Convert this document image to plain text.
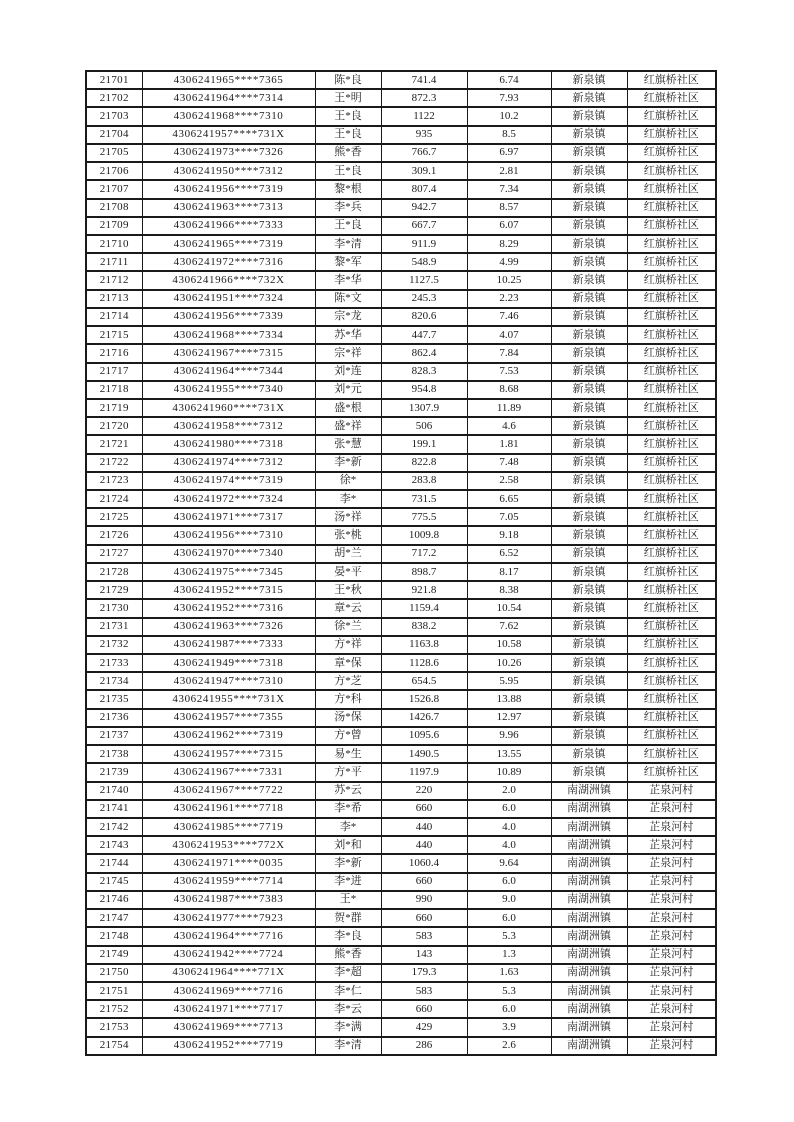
21701	4306241965****7365	陈*良	741.4	6.74	新泉镇	红旗桥社区
21702	4306241964****7314	王*明	872.3	7.93	新泉镇	红旗桥社区
21703	4306241968****7310	王*良	1122	10.2	新泉镇	红旗桥社区
21704	4306241957****731X	王*良	935	8.5	新泉镇	红旗桥社区
21705	4306241973****7326	熊*香	766.7	6.97	新泉镇	红旗桥社区
21706	4306241950****7312	王*良	309.1	2.81	新泉镇	红旗桥社区
21707	4306241956****7319	黎*根	807.4	7.34	新泉镇	红旗桥社区
21708	4306241963****7313	李*兵	942.7	8.57	新泉镇	红旗桥社区
21709	4306241966****7333	王*良	667.7	6.07	新泉镇	红旗桥社区
21710	4306241965****7319	李*清	911.9	8.29	新泉镇	红旗桥社区
21711	4306241972****7316	黎*军	548.9	4.99	新泉镇	红旗桥社区
21712	4306241966****732X	李*华	1127.5	10.25	新泉镇	红旗桥社区
21713	4306241951****7324	陈*文	245.3	2.23	新泉镇	红旗桥社区
21714	4306241956****7339	宗*龙	820.6	7.46	新泉镇	红旗桥社区
21715	4306241968****7334	苏*华	447.7	4.07	新泉镇	红旗桥社区
21716	4306241967****7315	宗*祥	862.4	7.84	新泉镇	红旗桥社区
21717	4306241964****7344	刘*连	828.3	7.53	新泉镇	红旗桥社区
21718	4306241955****7340	刘*元	954.8	8.68	新泉镇	红旗桥社区
21719	4306241960****731X	盛*根	1307.9	11.89	新泉镇	红旗桥社区
21720	4306241958****7312	盛*祥	506	4.6	新泉镇	红旗桥社区
21721	4306241980****7318	张*慧	199.1	1.81	新泉镇	红旗桥社区
21722	4306241974****7312	李*新	822.8	7.48	新泉镇	红旗桥社区
21723	4306241974****7319	徐*	283.8	2.58	新泉镇	红旗桥社区
21724	4306241972****7324	李*	731.5	6.65	新泉镇	红旗桥社区
21725	4306241971****7317	汤*祥	775.5	7.05	新泉镇	红旗桥社区
21726	4306241956****7310	张*桃	1009.8	9.18	新泉镇	红旗桥社区
21727	4306241970****7340	胡*兰	717.2	6.52	新泉镇	红旗桥社区
21728	4306241975****7345	晏*平	898.7	8.17	新泉镇	红旗桥社区
21729	4306241952****7315	王*秋	921.8	8.38	新泉镇	红旗桥社区
21730	4306241952****7316	章*云	1159.4	10.54	新泉镇	红旗桥社区
21731	4306241963****7326	徐*兰	838.2	7.62	新泉镇	红旗桥社区
21732	4306241987****7333	方*祥	1163.8	10.58	新泉镇	红旗桥社区
21733	4306241949****7318	章*保	1128.6	10.26	新泉镇	红旗桥社区
21734	4306241947****7310	方*芝	654.5	5.95	新泉镇	红旗桥社区
21735	4306241955****731X	方*科	1526.8	13.88	新泉镇	红旗桥社区
21736	4306241957****7355	汤*保	1426.7	12.97	新泉镇	红旗桥社区
21737	4306241962****7319	方*曾	1095.6	9.96	新泉镇	红旗桥社区
21738	4306241957****7315	易*生	1490.5	13.55	新泉镇	红旗桥社区
21739	4306241967****7331	方*平	1197.9	10.89	新泉镇	红旗桥社区
21740	4306241967****7722	苏*云	220	2.0	南湖洲镇	芷泉河村
21741	4306241961****7718	李*希	660	6.0	南湖洲镇	芷泉河村
21742	4306241985****7719	李*	440	4.0	南湖洲镇	芷泉河村
21743	4306241953****772X	刘*和	440	4.0	南湖洲镇	芷泉河村
21744	4306241971****0035	李*新	1060.4	9.64	南湖洲镇	芷泉河村
21745	4306241959****7714	李*进	660	6.0	南湖洲镇	芷泉河村
21746	4306241987****7383	王*	990	9.0	南湖洲镇	芷泉河村
21747	4306241977****7923	贺*群	660	6.0	南湖洲镇	芷泉河村
21748	4306241964****7716	李*良	583	5.3	南湖洲镇	芷泉河村
21749	4306241942****7724	熊*香	143	1.3	南湖洲镇	芷泉河村
21750	4306241964****771X	李*超	179.3	1.63	南湖洲镇	芷泉河村
21751	4306241969****7716	李*仁	583	5.3	南湖洲镇	芷泉河村
21752	4306241971****7717	李*云	660	6.0	南湖洲镇	芷泉河村
21753	4306241969****7713	李*满	429	3.9	南湖洲镇	芷泉河村
21754	4306241952****7719	李*清	286	2.6	南湖洲镇	芷泉河村
